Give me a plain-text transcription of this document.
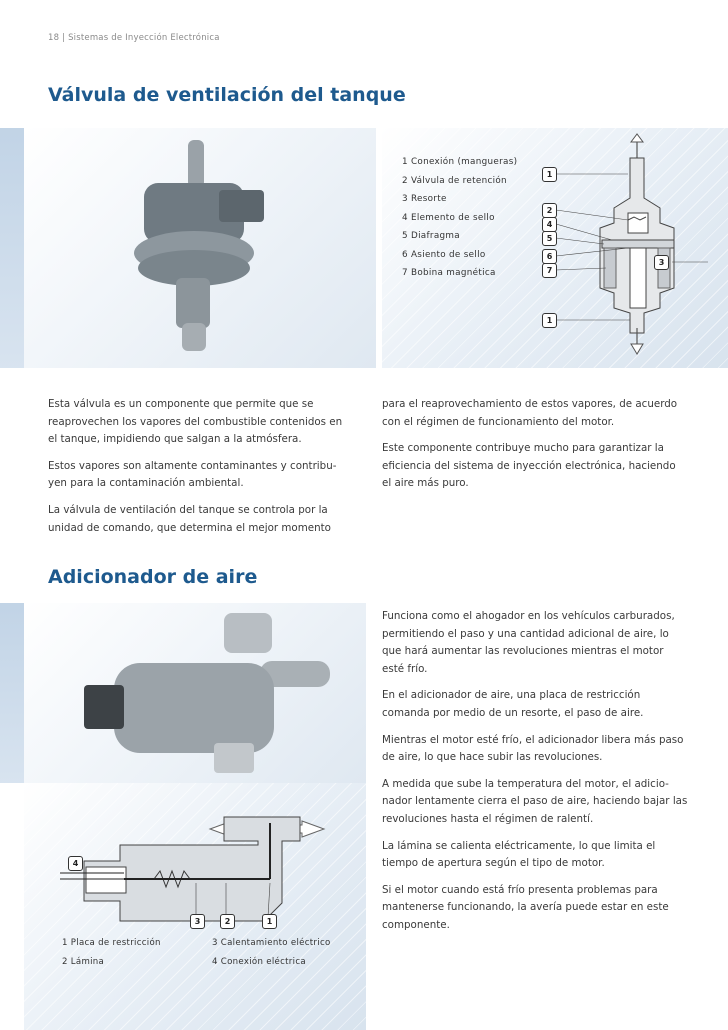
18 | Sistemas de Inyección Electrónica
Válvula de ventilación del tanque
1 Conexión (mangueras)
2 Válvula de retención
3 Resorte
4 Elemento de sello
5 Diafragma
6 Asiento de sello
7 Bobina magnética
1
2
4
5
6
7
3
1

Esta válvula es un componente que permite que se reaprovechen los vapores del combustible contenidos en el tanque, impidiendo que salgan a la atmósfera.

Estos vapores son altamente contaminantes y contribu-yen para la contaminación ambiental.

La válvula de ventilación del tanque se controla por la unidad de comando, que determina el mejor momento

para el reaprovechamiento de estos vapores, de acuerdo con el régimen de funcionamiento del motor.

Este componente contribuye mucho para garantizar la eficiencia del sistema de inyección electrónica, haciendo el aire más puro.

Adicionador de aire
4
3	2	1
1 Placa de restricción	3 Calentamiento eléctrico
2 Lámina	4 Conexión eléctrica

Funciona como el ahogador en los vehículos carburados, permitiendo el paso y una cantidad adicional de aire, lo que hará aumentar las revoluciones mientras el motor esté frío.

En el adicionador de aire, una placa de restricción comanda por medio de un resorte, el paso de aire.

Mientras el motor esté frío, el adicionador libera más paso de aire, lo que hace subir las revoluciones.

A medida que sube la temperatura del motor, el adicio-nador lentamente cierra el paso de aire, haciendo bajar las revoluciones hasta el régimen de ralentí.

La lámina se calienta eléctricamente, lo que limita el tiempo de apertura según el tipo de motor.

Si el motor cuando está frío presenta problemas para mantenerse funcionando, la avería puede estar en este componente.
